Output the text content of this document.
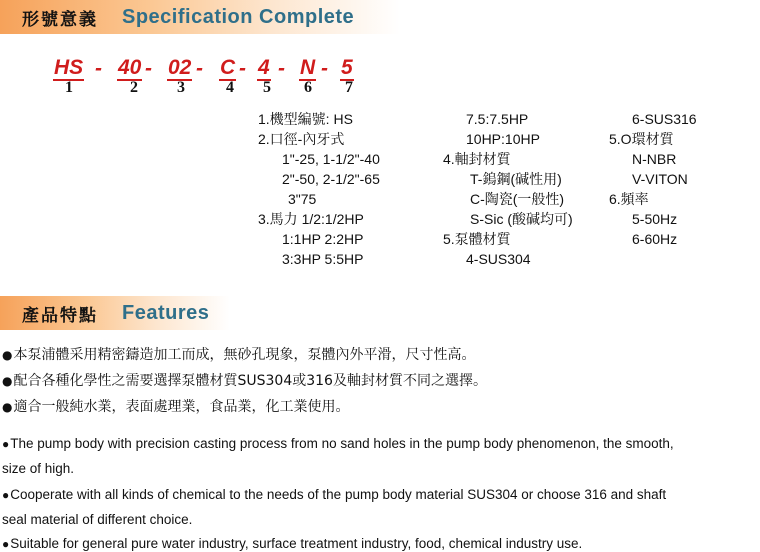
形號意義 Specification Complete
HS - 40 - 02 - C - 4 - N - 5
1	2 3	4 5 6 7
1.機型編號: HS
2.口徑-內牙式
1"-25, 1-1/2"-40
2"-50, 2-1/2"-65
3"75
3.馬力 1/2:1/2HP
1:1HP 2:2HP
3:3HP 5:5HP
7.5:7.5HP
10HP:10HP
4.軸封材質
T-鎢鋼(碱性用)
C-陶瓷(一般性)
S-Sic (酸碱均可)
5.泵體材質
4-SUS304
6-SUS316
5.O環材質
N-NBR
V-VITON
6.頻率
5-50Hz
6-60Hz
產品特點 Features
●本泵浦體采用精密鑄造加工而成，無砂孔現象，泵體內外平滑，尺寸性高。
●配合各種化學性之需要選擇泵體材質SUS304或316及軸封材質不同之選擇。
●適合一般純水業，表面處理業，食品業，化工業使用。
●The pump body with precision casting process from no sand holes in the pump body phenomenon, the smooth,
size of high.
●Cooperate with all kinds of chemical to the needs of the pump body material SUS304 or choose 316 and shaft
seal material of different choice.
●Suitable for general pure water industry, surface treatment industry, food, chemical industry use.
